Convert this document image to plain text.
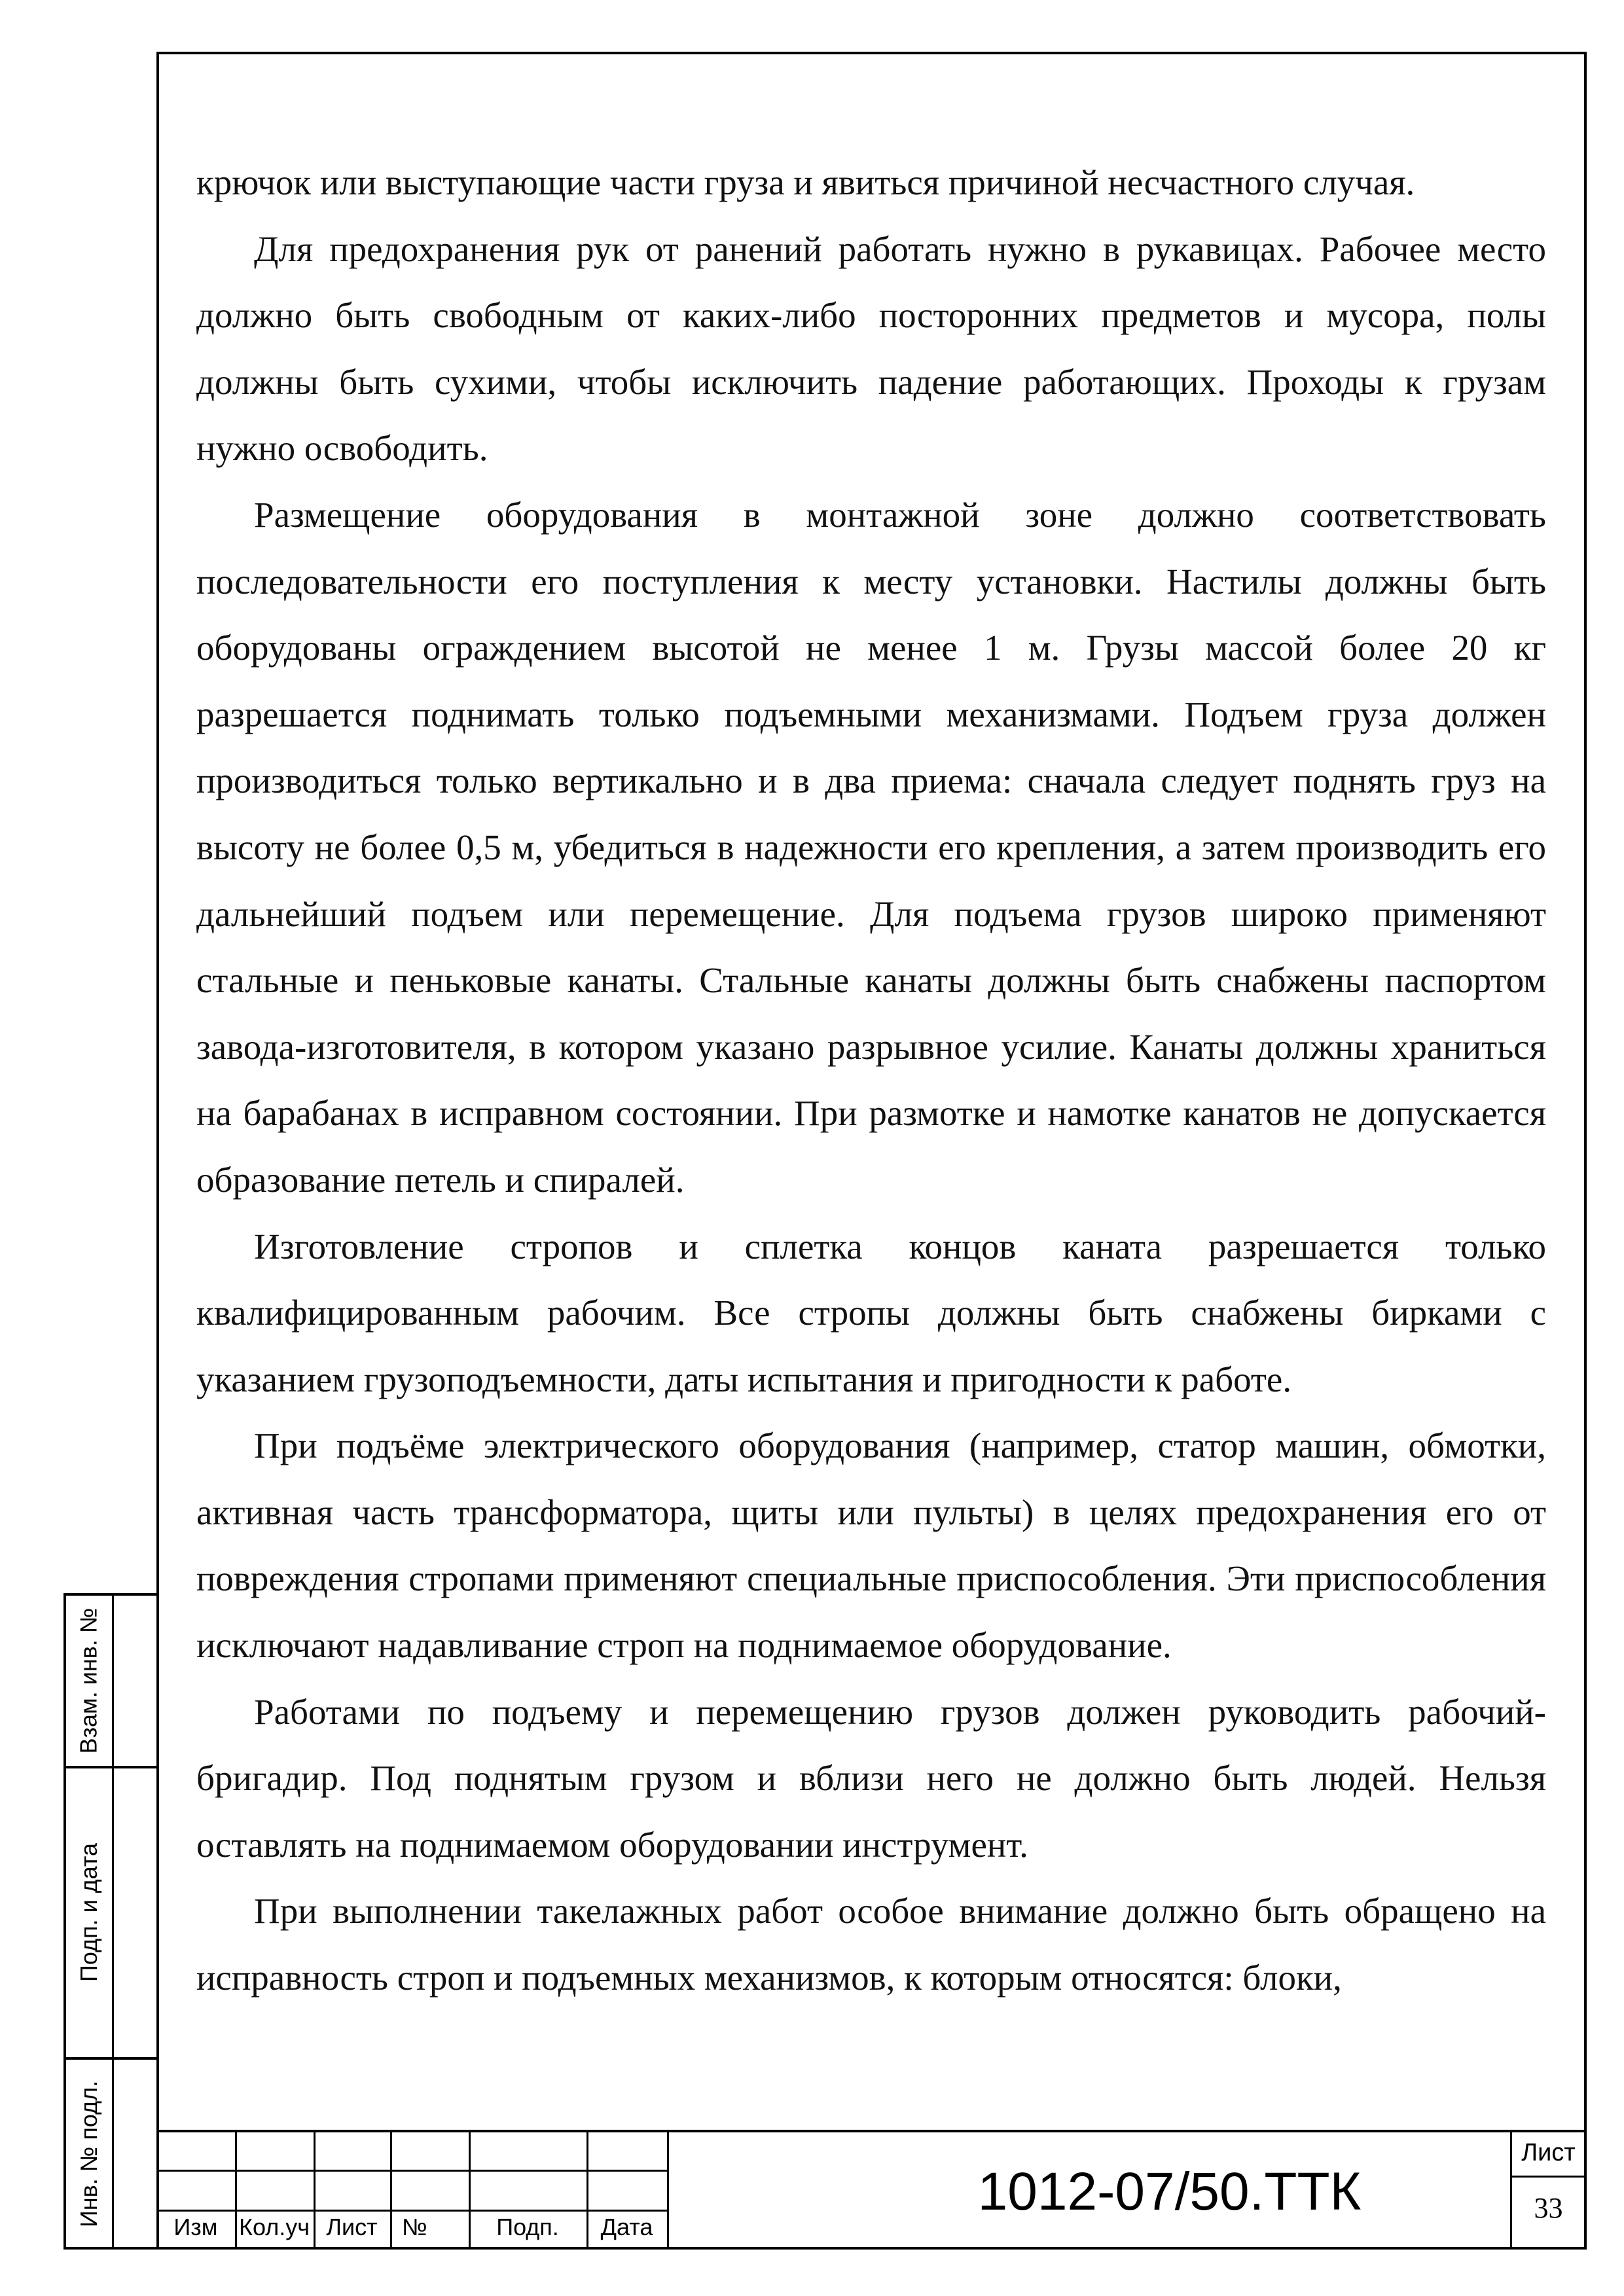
крючок или выступающие части груза и явиться причиной несчастного случая.

Для предохранения рук от ранений работать нужно в рукавицах. Рабочее место должно быть свободным от каких-либо посторонних предметов и мусора, полы должны быть сухими, чтобы исключить падение работающих. Проходы к грузам нужно освободить.

Размещение оборудования в монтажной зоне должно соответствовать последовательности его поступления к месту установки. Настилы должны быть оборудованы ограждением высотой не менее 1 м. Грузы массой более 20 кг разрешается поднимать только подъемными механизмами. Подъем груза должен производиться только вертикально и в два приема: сначала следует поднять груз на высоту не более 0,5 м, убедиться в надежности его крепления, а затем производить его дальнейший подъем или перемещение. Для подъема грузов широко применяют стальные и пеньковые канаты. Стальные канаты должны быть снабжены паспортом завода-изготовителя, в котором указано разрывное усилие. Канаты должны храниться на барабанах в исправном состоянии. При размотке и намотке канатов не допускается образование петель и спиралей.

Изготовление стропов и сплетка концов каната разрешается только квалифицированным рабочим. Все стропы должны быть снабжены бирками с указанием грузоподъемности, даты испытания и пригодности к работе.

При подъёме электрического оборудования (например, статор машин, обмотки, активная часть трансформатора, щиты или пульты) в целях предохранения его от повреждения стропами применяют специальные приспособления. Эти приспособления исключают надавливание строп на поднимаемое оборудование.

Работами по подъему и перемещению грузов должен руководить рабочий-бригадир. Под поднятым грузом и вблизи него не должно быть людей. Нельзя оставлять на поднимаемом оборудовании инструмент.

При выполнении такелажных работ особое внимание должно быть обращено на исправность строп и подъемных механизмов, к которым относятся: блоки,

Взам. инв. №
Подп. и дата
Инв. № подл.	Изм Кол.уч Лист	№	Подп.	Дата
1012-07/50.ТТК
Лист
33
